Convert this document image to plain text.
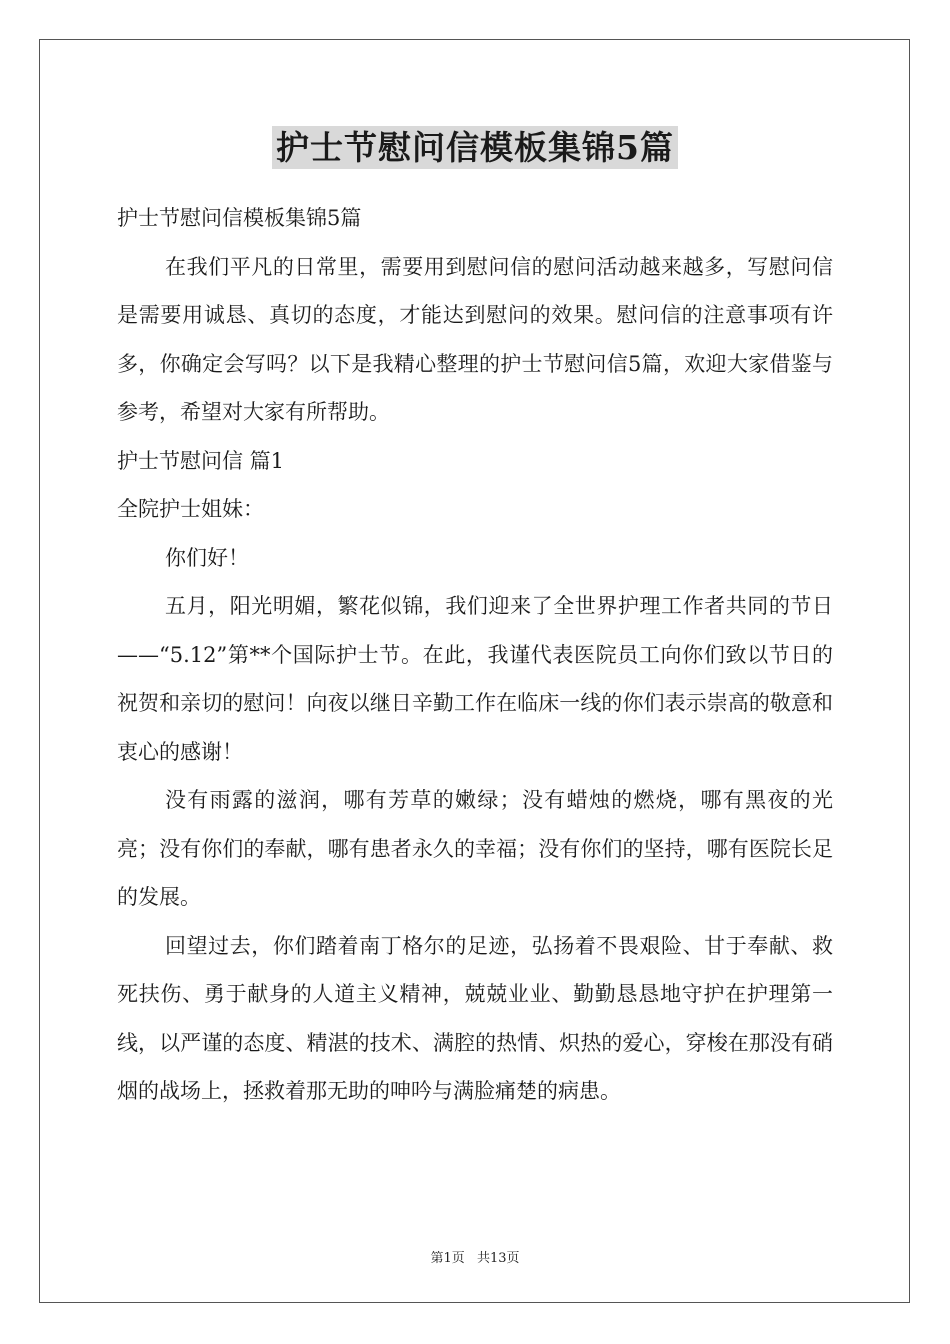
护士节慰问信模板集锦5篇

护士节慰问信模板集锦5篇

在我们平凡的日常里，需要用到慰问信的慰问活动越来越多，写慰问信是需要用诚恳、真切的态度，才能达到慰问的效果。慰问信的注意事项有许多，你确定会写吗？以下是我精心整理的护士节慰问信5篇，欢迎大家借鉴与参考，希望对大家有所帮助。

护士节慰问信 篇1

全院护士姐妹：

你们好！

五月，阳光明媚，繁花似锦，我们迎来了全世界护理工作者共同的节日——“5.12”第**个国际护士节。在此，我谨代表医院员工向你们致以节日的祝贺和亲切的慰问！向夜以继日辛勤工作在临床一线的你们表示崇高的敬意和衷心的感谢！

没有雨露的滋润，哪有芳草的嫩绿；没有蜡烛的燃烧，哪有黑夜的光亮；没有你们的奉献，哪有患者永久的幸福；没有你们的坚持，哪有医院长足的发展。

回望过去，你们踏着南丁格尔的足迹，弘扬着不畏艰险、甘于奉献、救死扶伤、勇于献身的人道主义精神，兢兢业业、勤勤恳恳地守护在护理第一线，以严谨的态度、精湛的技术、满腔的热情、炽热的爱心，穿梭在那没有硝烟的战场上，拯救着那无助的呻吟与满脸痛楚的病患。

第1页 共13页
